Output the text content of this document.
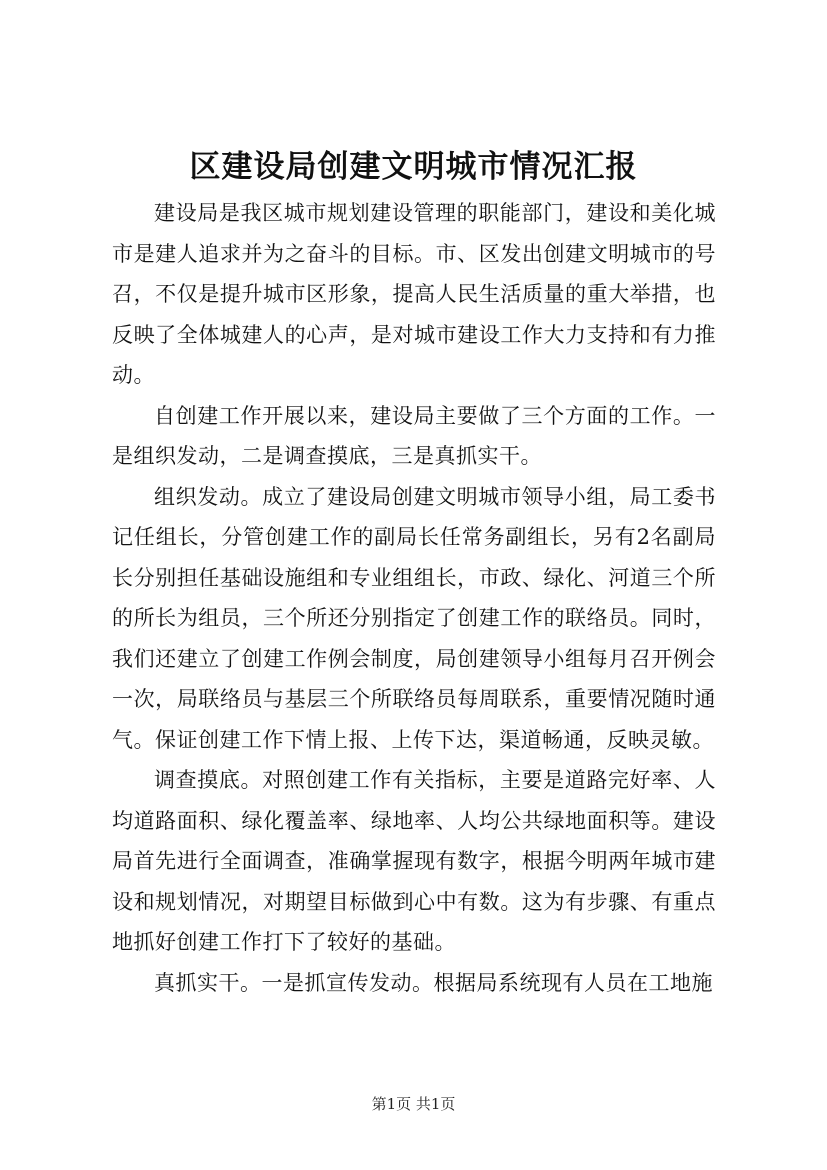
区建设局创建文明城市情况汇报

建设局是我区城市规划建设管理的职能部门，建设和美化城市是建人追求并为之奋斗的目标。市、区发出创建文明城市的号召，不仅是提升城市区形象，提高人民生活质量的重大举措，也反映了全体城建人的心声，是对城市建设工作大力支持和有力推动。

自创建工作开展以来，建设局主要做了三个方面的工作。一是组织发动，二是调查摸底，三是真抓实干。

组织发动。成立了建设局创建文明城市领导小组，局工委书记任组长，分管创建工作的副局长任常务副组长，另有2名副局长分别担任基础设施组和专业组组长，市政、绿化、河道三个所的所长为组员，三个所还分别指定了创建工作的联络员。同时，我们还建立了创建工作例会制度，局创建领导小组每月召开例会一次，局联络员与基层三个所联络员每周联系，重要情况随时通气。保证创建工作下情上报、上传下达，渠道畅通，反映灵敏。

调查摸底。对照创建工作有关指标，主要是道路完好率、人均道路面积、绿化覆盖率、绿地率、人均公共绿地面积等。建设局首先进行全面调查，准确掌握现有数字，根据今明两年城市建设和规划情况，对期望目标做到心中有数。这为有步骤、有重点地抓好创建工作打下了较好的基础。

真抓实干。一是抓宣传发动。根据局系统现有人员在工地施

第1页 共1页
